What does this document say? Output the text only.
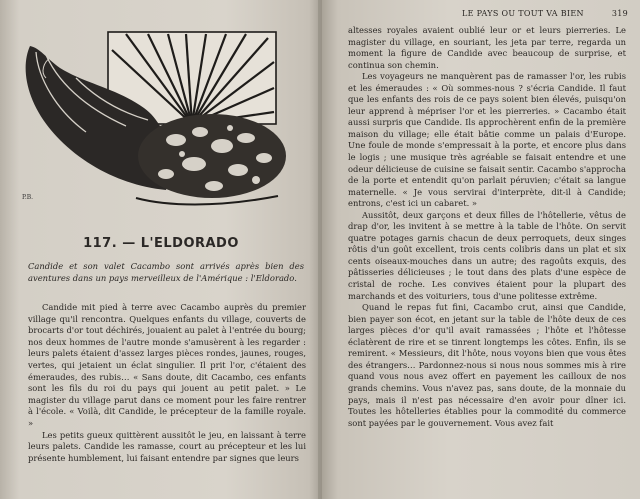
P.B.
117. — L'ELDORADO
Candide et son valet Cacambo sont arrivés après bien des aventures dans un pays merveilleux de l'Amérique : l'Eldorado.

Candide mit pied à terre avec Cacambo auprès du premier village qu'il rencontra. Quelques enfants du village, couverts de brocarts d'or tout déchirés, jouaient au palet à l'entrée du bourg; nos deux hommes de l'autre monde s'amusèrent à les regarder : leurs palets étaient d'assez larges pièces rondes, jaunes, rouges, vertes, qui jetaient un éclat singulier. Il prit l'or, c'étaient des émeraudes, des rubis… « Sans doute, dit Cacambo, ces enfants sont les fils du roi du pays qui jouent au petit palet. » Le magister du village parut dans ce moment pour les faire rentrer à l'école. « Voilà, dit Candide, le précepteur de la famille royale. »

Les petits gueux quittèrent aussitôt le jeu, en laissant à terre leurs palets. Candide les ramasse, court au précepteur et les lui présente humblement, lui faisant entendre par signes que leurs

LE PAYS OU TOUT VA BIEN	319

altesses royales avaient oublié leur or et leurs pierreries. Le magister du village, en souriant, les jeta par terre, regarda un moment la figure de Candide avec beaucoup de surprise, et continua son chemin.

Les voyageurs ne manquèrent pas de ramasser l'or, les rubis et les émeraudes : « Où sommes-nous ? s'écria Candide. Il faut que les enfants des rois de ce pays soient bien élevés, puisqu'on leur apprend à mépriser l'or et les pierreries. » Cacambo était aussi surpris que Candide. Ils approchèrent enfin de la première maison du village; elle était bâtie comme un palais d'Europe. Une foule de monde s'empressait à la porte, et encore plus dans le logis ; une musique très agréable se faisait entendre et une odeur délicieuse de cuisine se faisait sentir. Cacambo s'approcha de la porte et entendit qu'on parlait péruvien; c'était sa langue maternelle. « Je vous servirai d'interprète, dit-il à Candide; entrons, c'est ici un cabaret. »

Aussitôt, deux garçons et deux filles de l'hôtellerie, vêtus de drap d'or, les invitent à se mettre à la table de l'hôte. On servit quatre potages garnis chacun de deux perroquets, deux singes rôtis d'un goût excellent, trois cents colibris dans un plat et six cents oiseaux-mouches dans un autre; des ragoûts exquis, des pâtisseries délicieuses ; le tout dans des plats d'une espèce de cristal de roche. Les convives étaient pour la plupart des marchands et des voituriers, tous d'une politesse extrême.

Quand le repas fut fini, Cacambo crut, ainsi que Candide, bien payer son écot, en jetant sur la table de l'hôte deux de ces larges pièces d'or qu'il avait ramassées ; l'hôte et l'hôtesse éclatèrent de rire et se tinrent longtemps les côtes. Enfin, ils se remirent. « Messieurs, dit l'hôte, nous voyons bien que vous êtes des étrangers… Pardonnez-nous si nous nous sommes mis à rire quand vous nous avez offert en payement les cailloux de nos grands chemins. Vous n'avez pas, sans doute, de la monnaie du pays, mais il n'est pas nécessaire d'en avoir pour dîner ici. Toutes les hôtelleries établies pour la commodité du commerce sont payées par le gouvernement. Vous avez fait
